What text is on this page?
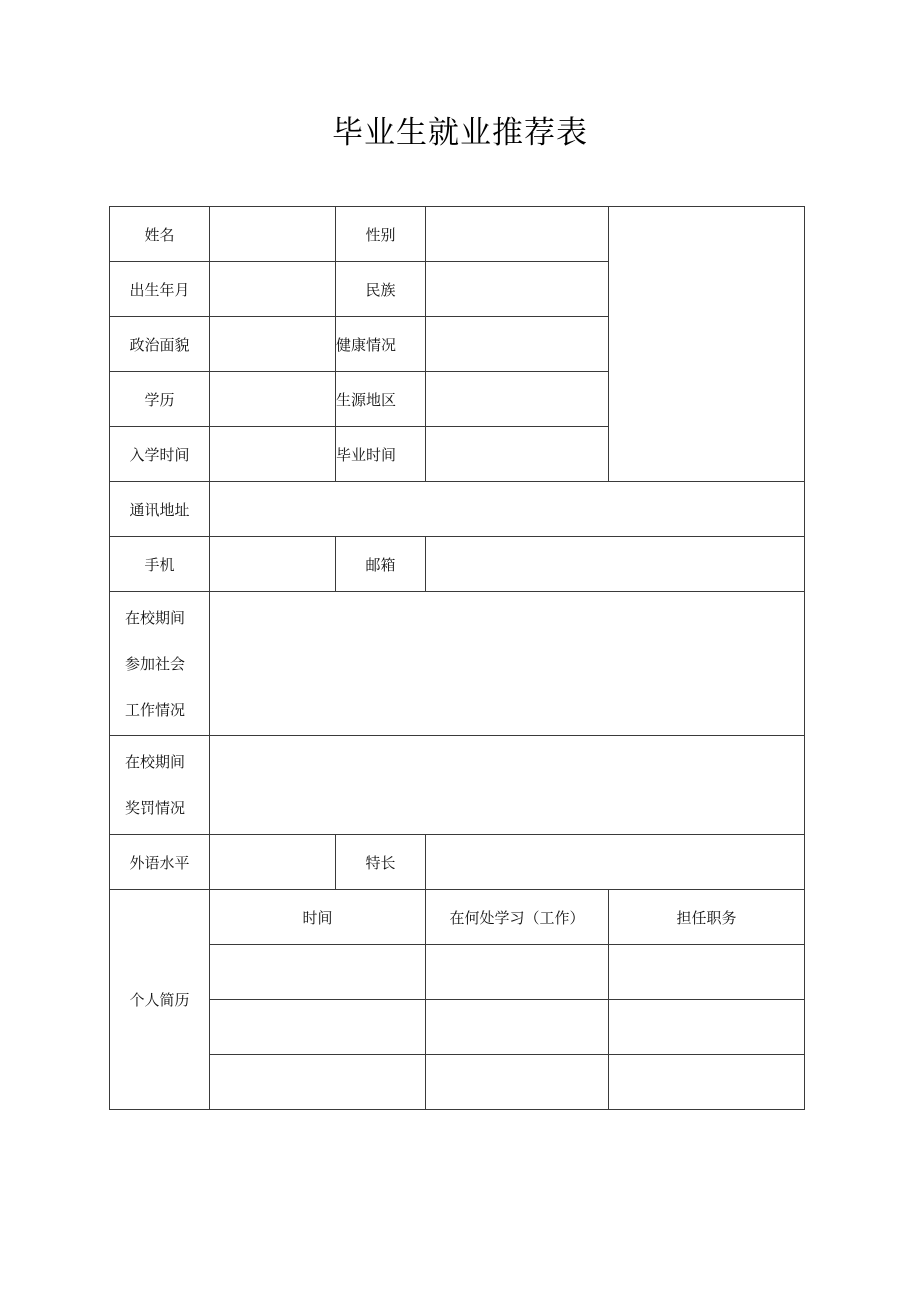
毕业生就业推荐表
姓名		性别		
出生年月		民族		
政治面貌		健康情况		
学历		生源地区		
入学时间		毕业时间		
通讯地址				
手机		邮箱		

在校期间
参加社会
工作情况				

在校期间
奖罚情况				

外语水平		特长		
个人简历	时间		在何处学习（工作）	担任职务
